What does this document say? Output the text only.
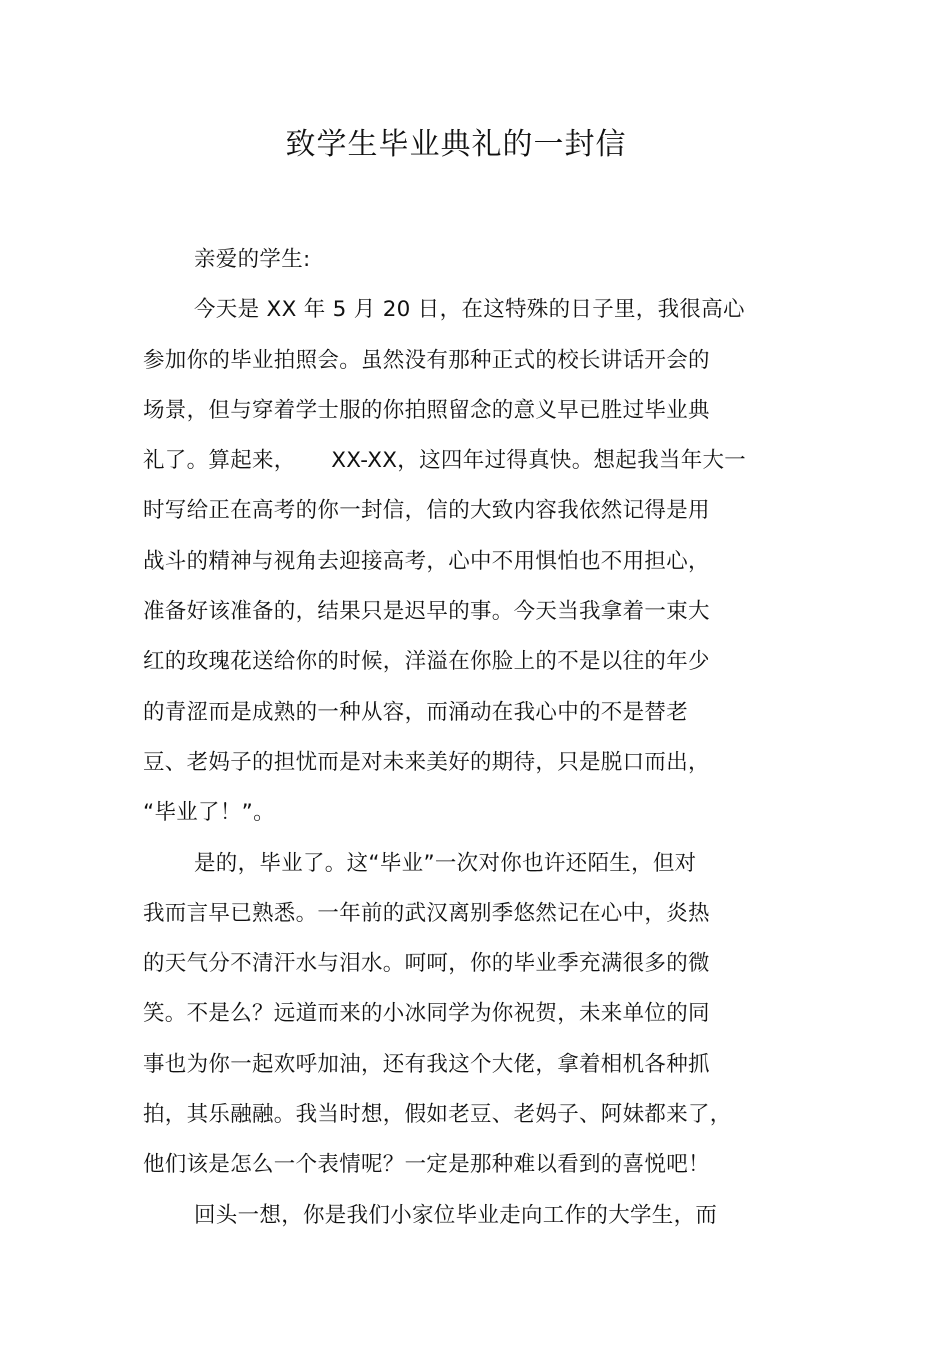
致学生毕业典礼的一封信
亲爱的学生:
今天是 XX 年 5 月 20 日，在这特殊的日子里，我很高心
参加你的毕业拍照会。虽然没有那种正式的校长讲话开会的
场景，但与穿着学士服的你拍照留念的意义早已胜过毕业典
礼了。算起来，     XX-XX，这四年过得真快。想起我当年大一
时写给正在高考的你一封信，信的大致内容我依然记得是用
战斗的精神与视角去迎接高考，心中不用惧怕也不用担心，
准备好该准备的，结果只是迟早的事。今天当我拿着一束大
红的玫瑰花送给你的时候，洋溢在你脸上的不是以往的年少
的青涩而是成熟的一种从容，而涌动在我心中的不是替老
豆、老妈子的担忧而是对未来美好的期待，只是脱口而出，
“毕业了！”。
是的，毕业了。这“毕业”一次对你也许还陌生，但对
我而言早已熟悉。一年前的武汉离别季悠然记在心中，炎热
的天气分不清汗水与泪水。呵呵，你的毕业季充满很多的微
笑。不是么？远道而来的小冰同学为你祝贺，未来单位的同
事也为你一起欢呼加油，还有我这个大佬，拿着相机各种抓
拍，其乐融融。我当时想，假如老豆、老妈子、阿妹都来了，
他们该是怎么一个表情呢？一定是那种难以看到的喜悦吧！
回头一想，你是我们小家位毕业走向工作的大学生，而
